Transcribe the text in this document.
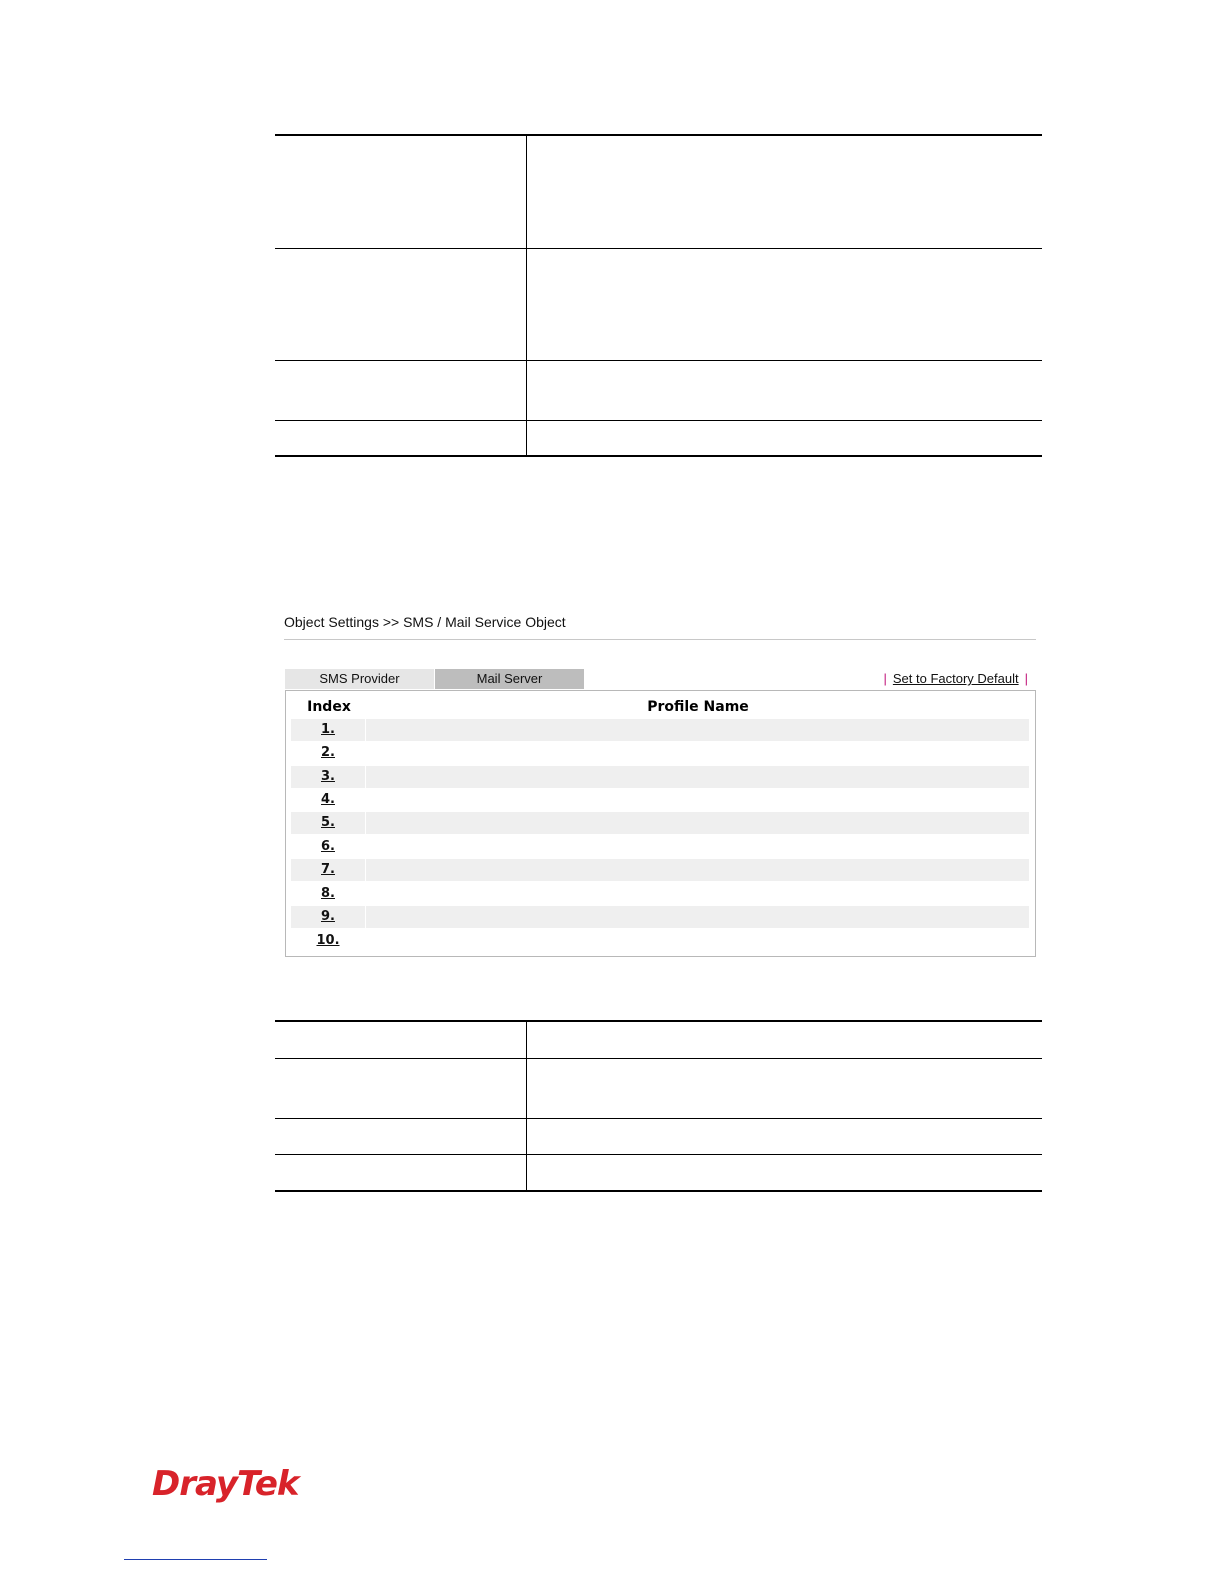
Object Settings >> SMS / Mail Service Object
SMS Provider	Mail Server	| Set to Factory Default |
Index	Profile Name
1.
2.
3.
4.
5.
6.
7.
8.
9.
10.

DrayTek
